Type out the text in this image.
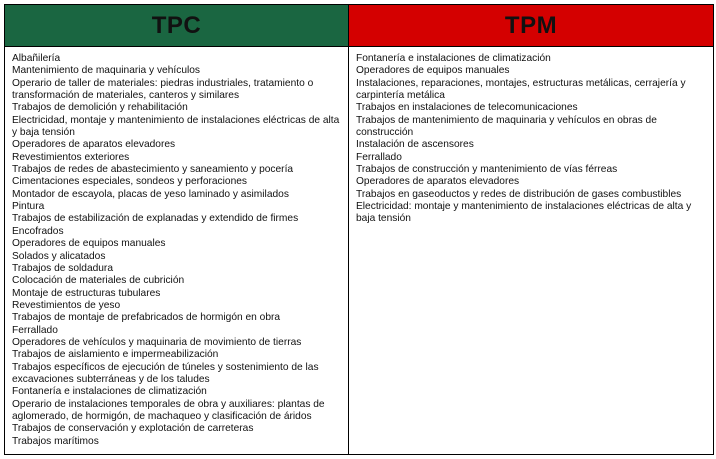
TPC	TPM
Albañilería
Mantenimiento de maquinaria y vehículos
Operario de taller de materiales: piedras industriales, tratamiento o transformación de materiales, canteros y similares
Trabajos de demolición y rehabilitación
Electricidad, montaje y mantenimiento de instalaciones eléctricas de alta y baja tensión
Operadores de aparatos elevadores
Revestimientos exteriores
Trabajos de redes de abastecimiento y saneamiento y pocería
Cimentaciones especiales, sondeos y perforaciones
Montador de escayola, placas de yeso laminado y asimilados
Pintura
Trabajos de estabilización de explanadas y extendido de firmes
Encofrados
Operadores de equipos manuales
Solados y alicatados
Trabajos de soldadura
Colocación de materiales de cubrición
Montaje de estructuras tubulares
Revestimientos de yeso
Trabajos de montaje de prefabricados de hormigón en obra
Ferrallado
Operadores de vehículos y maquinaria de movimiento de tierras
Trabajos de aislamiento e impermeabilización
Trabajos específicos de ejecución de túneles y sostenimiento de las excavaciones subterráneas y de los taludes
Fontanería e instalaciones de climatización
Operario de instalaciones temporales de obra y auxiliares: plantas de aglomerado, de hormigón, de machaqueo y clasificación de áridos
Trabajos de conservación y explotación de carreteras
Trabajos marítimos
Fontanería e instalaciones de climatización
Operadores de equipos manuales
Instalaciones, reparaciones, montajes, estructuras metálicas, cerrajería y carpintería metálica
Trabajos en instalaciones de telecomunicaciones
Trabajos de mantenimiento de maquinaria y vehículos en obras de construcción
Instalación de ascensores
Ferrallado
Trabajos de construcción y mantenimiento de vías férreas
Operadores de aparatos elevadores
Trabajos en gaseoductos y redes de distribución de gases combustibles
Electricidad: montaje y mantenimiento de instalaciones eléctricas de alta y baja tensión
